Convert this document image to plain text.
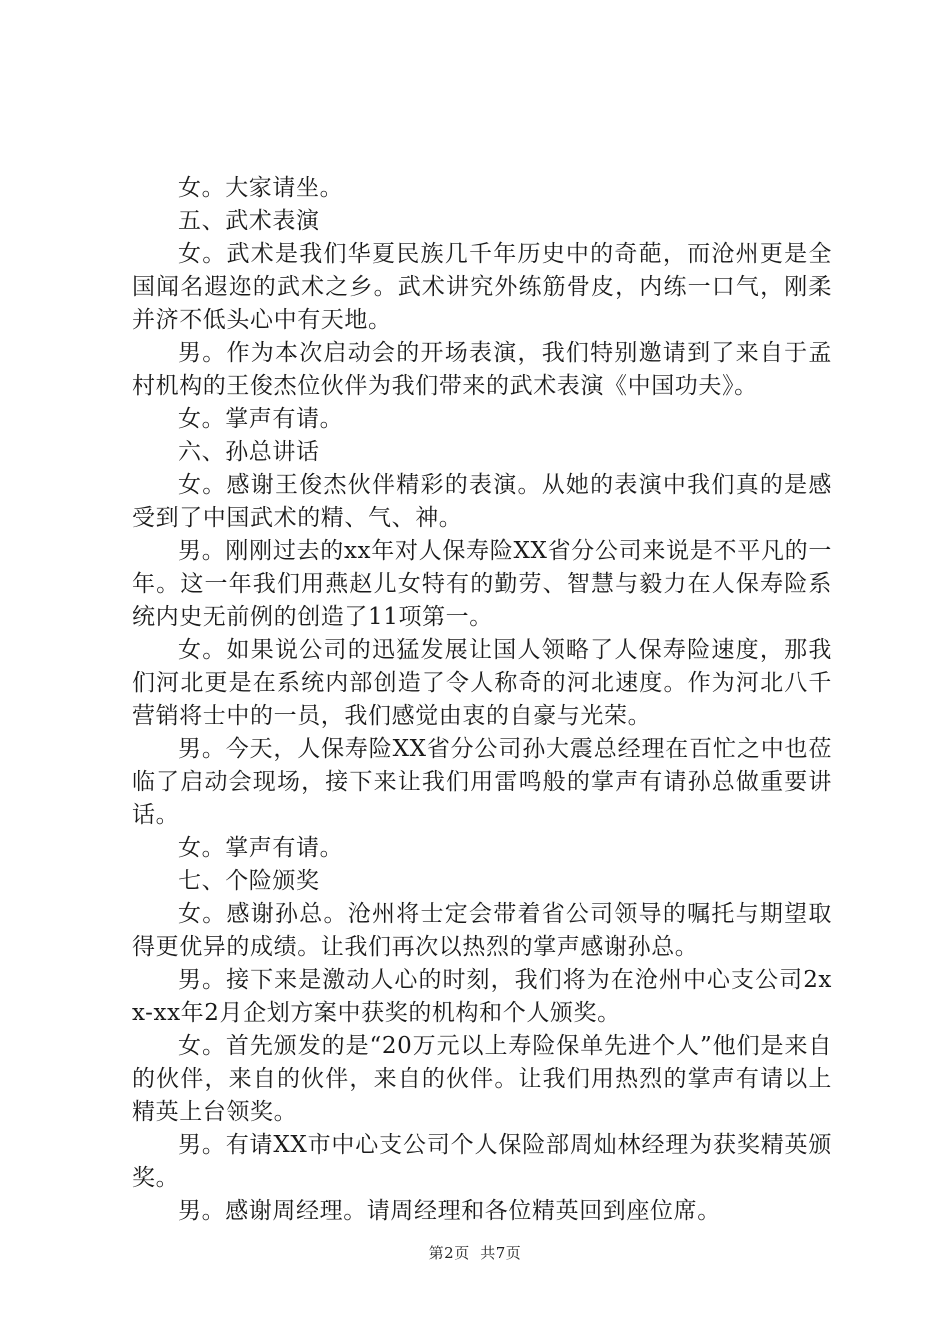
女。大家请坐。

五、武术表演

女。武术是我们华夏民族几千年历史中的奇葩，而沧州更是全国闻名遐迩的武术之乡。武术讲究外练筋骨皮，内练一口气，刚柔并济不低头心中有天地。

男。作为本次启动会的开场表演，我们特别邀请到了来自于孟村机构的王俊杰位伙伴为我们带来的武术表演《中国功夫》。

女。掌声有请。

六、孙总讲话

女。感谢王俊杰伙伴精彩的表演。从她的表演中我们真的是感受到了中国武术的精、气、神。

男。刚刚过去的xx年对人保寿险XX省分公司来说是不平凡的一年。这一年我们用燕赵儿女特有的勤劳、智慧与毅力在人保寿险系统内史无前例的创造了11项第一。

女。如果说公司的迅猛发展让国人领略了人保寿险速度，那我们河北更是在系统内部创造了令人称奇的河北速度。作为河北八千营销将士中的一员，我们感觉由衷的自豪与光荣。

男。今天，人保寿险XX省分公司孙大震总经理在百忙之中也莅临了启动会现场，接下来让我们用雷鸣般的掌声有请孙总做重要讲话。

女。掌声有请。

七、个险颁奖

女。感谢孙总。沧州将士定会带着省公司领导的嘱托与期望取得更优异的成绩。让我们再次以热烈的掌声感谢孙总。

男。接下来是激动人心的时刻，我们将为在沧州中心支公司2xx-xx年2月企划方案中获奖的机构和个人颁奖。

女。首先颁发的是“20万元以上寿险保单先进个人”他们是来自的伙伴，来自的伙伴，来自的伙伴。让我们用热烈的掌声有请以上精英上台领奖。

男。有请XX市中心支公司个人保险部周灿林经理为获奖精英颁奖。

男。感谢周经理。请周经理和各位精英回到座位席。

第2页 共7页
